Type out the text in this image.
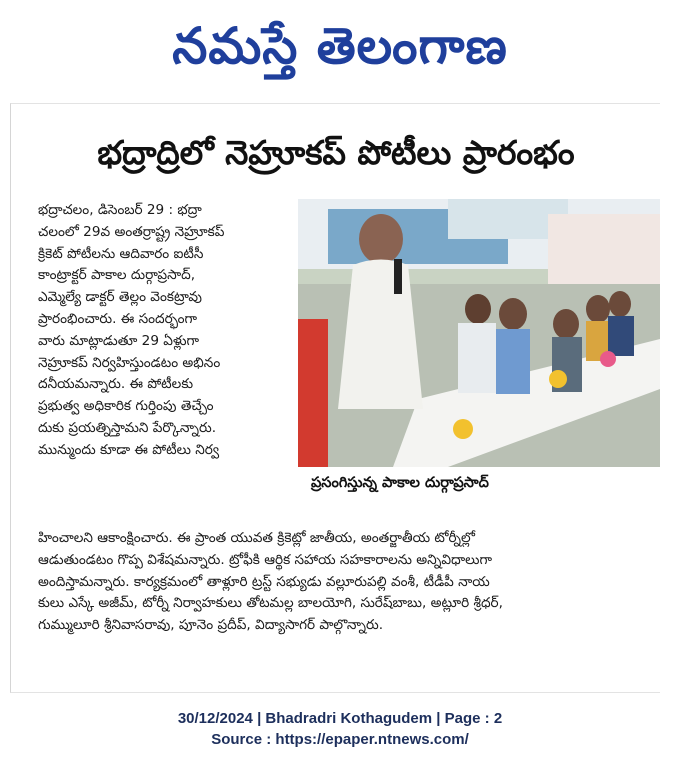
నమస్తే తెలంగాణ
భద్రాద్రిలో నెహ్రూకప్ పోటీలు ప్రారంభం
భద్రాచలం, డిసెంబర్ 29 : భద్రా
చలంలో 29వ అంతర్రాష్ట్ర నెహ్రూకప్
క్రికెట్ పోటీలను ఆదివారం ఐటీసీ
కాంట్రాక్టర్ పాకాల దుర్గాప్రసాద్,
ఎమ్మెల్యే డాక్టర్ తెల్లం వెంకట్రావు
ప్రారంభించారు. ఈ సందర్భంగా
వారు మాట్లాడుతూ 29 ఏళ్లుగా
నెహ్రూకప్ నిర్వహిస్తుండటం అభినం
దనీయమన్నారు. ఈ పోటీలకు
ప్రభుత్వ అధికారిక గుర్తింపు తెచ్చేం
దుకు ప్రయత్నిస్తామని పేర్కొన్నారు.
మున్ముందు కూడా ఈ పోటీలు నిర్వ
ప్రసంగిస్తున్న పాకాల దుర్గాప్రసాద్
హించాలని ఆకాంక్షించారు. ఈ ప్రాంత యువత క్రికెట్లో జాతీయ, అంతర్జాతీయ టోర్నీల్లో
ఆడుతుండటం గొప్ప విశేషమన్నారు. ట్రోఫీకి ఆర్థిక సహాయ సహకారాలను అన్నివిధాలుగా
అందిస్తామన్నారు. కార్యక్రమంలో తాళ్లూరి ట్రస్ట్ సభ్యుడు వల్లూరుపల్లి వంశీ, టీడీపీ నాయ
కులు ఎస్కే అజీమ్, టోర్నీ నిర్వాహకులు తోటమల్ల బాలయోగి, సురేష్‌బాబు, అట్లూరి శ్రీధర్,
గుమ్ములూరి శ్రీనివాసరావు, పూనెం ప్రదీప్, విద్యాసాగర్ పాల్గొన్నారు.
30/12/2024 | Bhadradri Kothagudem | Page : 2
Source : https://epaper.ntnews.com/
